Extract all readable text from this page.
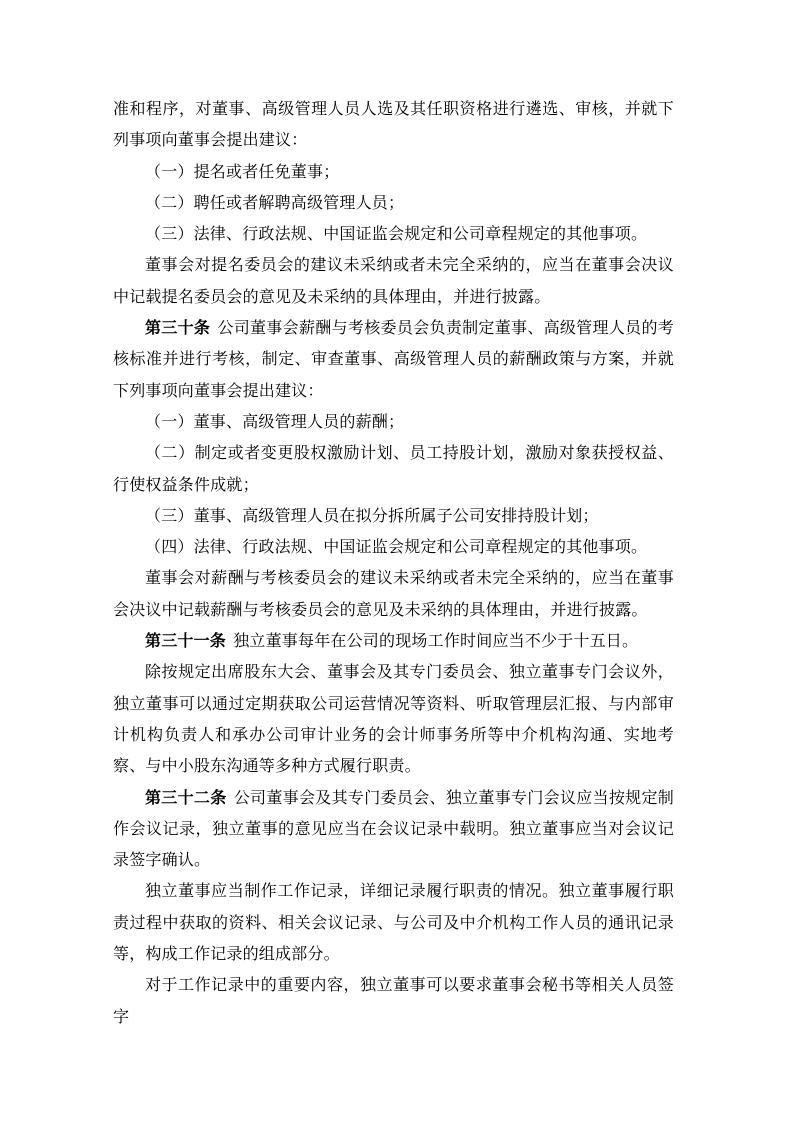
准和程序，对董事、高级管理人员人选及其任职资格进行遴选、审核，并就下列事项向董事会提出建议：

（一）提名或者任免董事；

（二）聘任或者解聘高级管理人员；

（三）法律、行政法规、中国证监会规定和公司章程规定的其他事项。

董事会对提名委员会的建议未采纳或者未完全采纳的，应当在董事会决议中记载提名委员会的意见及未采纳的具体理由，并进行披露。

第三十条 公司董事会薪酬与考核委员会负责制定董事、高级管理人员的考核标准并进行考核，制定、审查董事、高级管理人员的薪酬政策与方案，并就下列事项向董事会提出建议：

（一）董事、高级管理人员的薪酬；

（二）制定或者变更股权激励计划、员工持股计划，激励对象获授权益、行使权益条件成就；

（三）董事、高级管理人员在拟分拆所属子公司安排持股计划；

（四）法律、行政法规、中国证监会规定和公司章程规定的其他事项。

董事会对薪酬与考核委员会的建议未采纳或者未完全采纳的，应当在董事会决议中记载薪酬与考核委员会的意见及未采纳的具体理由，并进行披露。

第三十一条 独立董事每年在公司的现场工作时间应当不少于十五日。

除按规定出席股东大会、董事会及其专门委员会、独立董事专门会议外，独立董事可以通过定期获取公司运营情况等资料、听取管理层汇报、与内部审计机构负责人和承办公司审计业务的会计师事务所等中介机构沟通、实地考察、与中小股东沟通等多种方式履行职责。

第三十二条 公司董事会及其专门委员会、独立董事专门会议应当按规定制作会议记录，独立董事的意见应当在会议记录中载明。独立董事应当对会议记录签字确认。

独立董事应当制作工作记录，详细记录履行职责的情况。独立董事履行职责过程中获取的资料、相关会议记录、与公司及中介机构工作人员的通讯记录等，构成工作记录的组成部分。

对于工作记录中的重要内容，独立董事可以要求董事会秘书等相关人员签字
